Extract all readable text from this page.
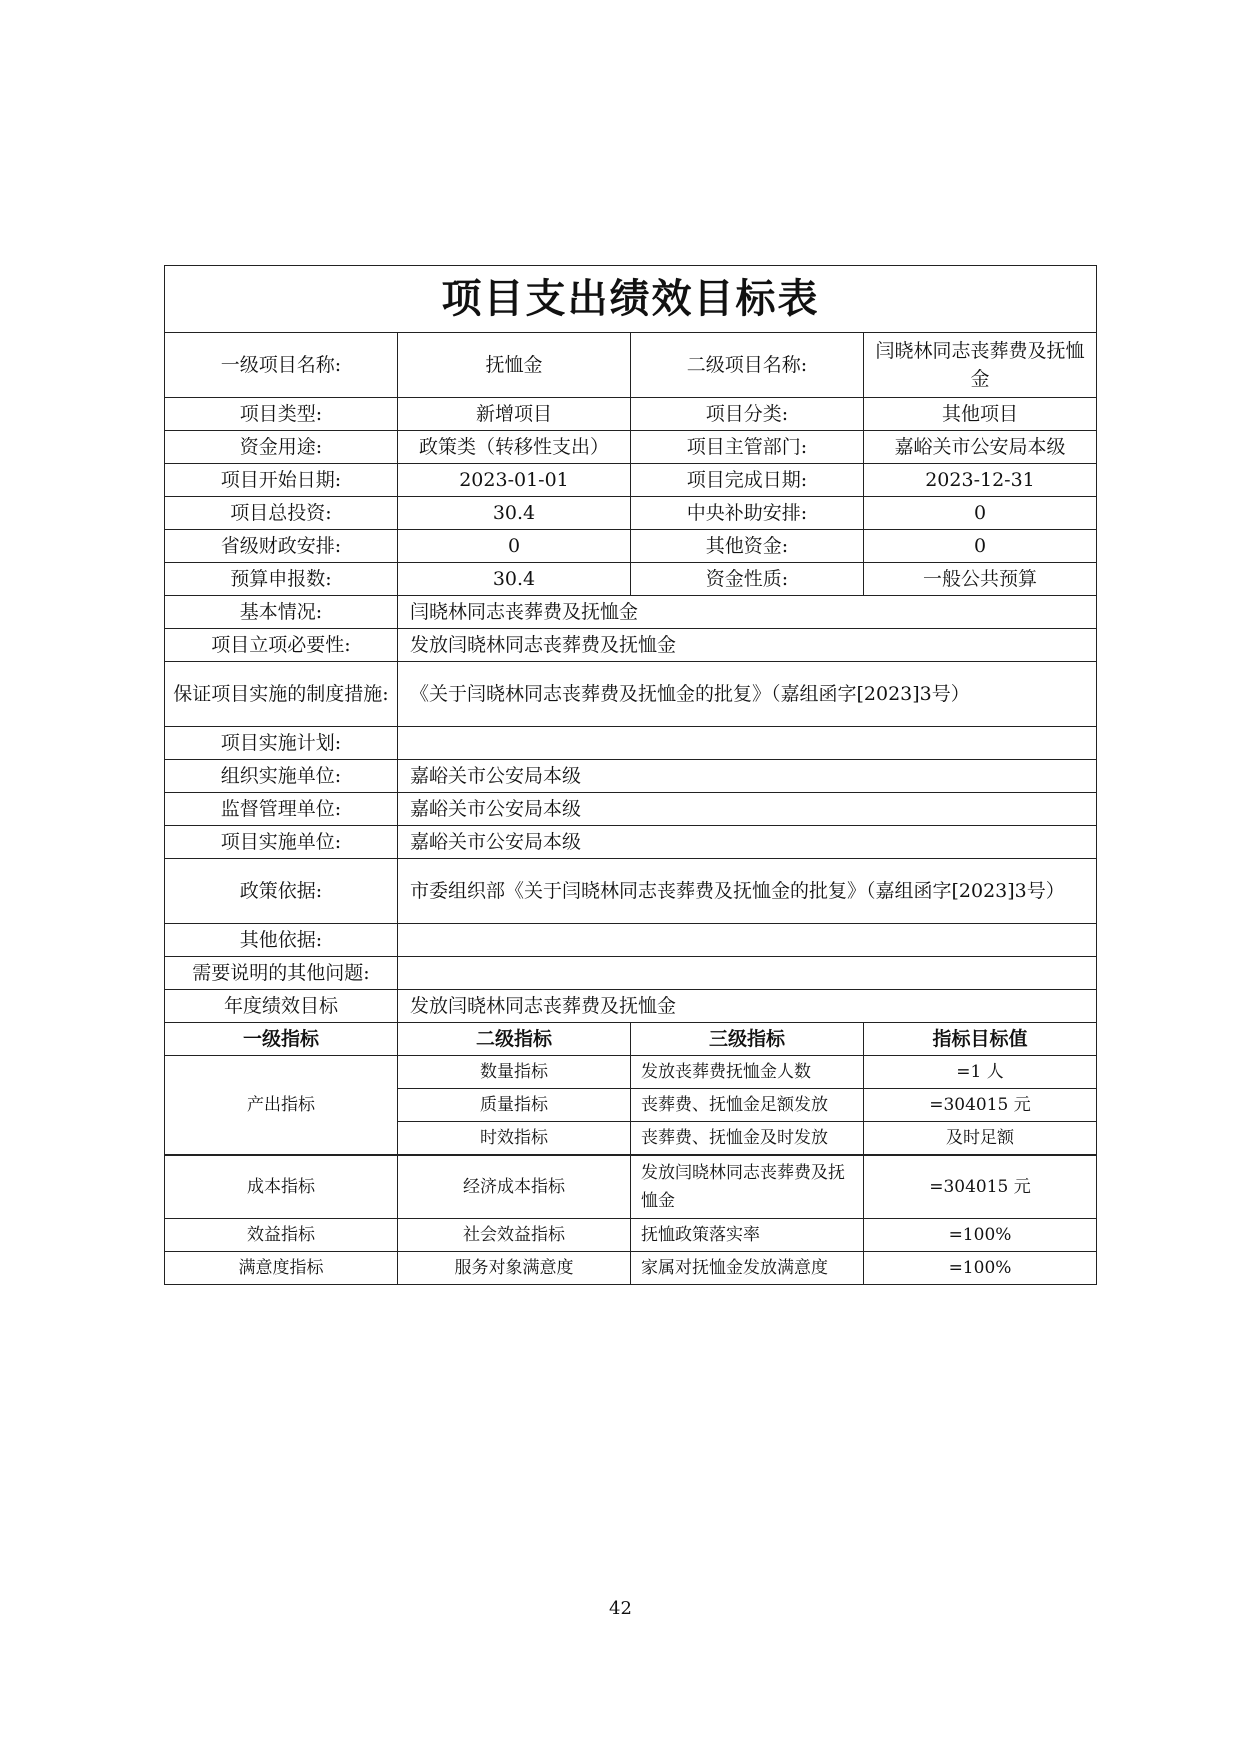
项目支出绩效目标表			
一级项目名称:	抚恤金	二级项目名称:	闫晓林同志丧葬费及抚恤金
项目类型:	新增项目	项目分类:	其他项目
资金用途:	政策类（转移性支出）	项目主管部门:	嘉峪关市公安局本级
项目开始日期:	2023-01-01	项目完成日期:	2023-12-31
项目总投资:	30.4	中央补助安排:	0
省级财政安排:	0	其他资金:	0
预算申报数:	30.4	资金性质:	一般公共预算
基本情况:	闫晓林同志丧葬费及抚恤金		
项目立项必要性:	发放闫晓林同志丧葬费及抚恤金		
保证项目实施的制度措施:	《关于闫晓林同志丧葬费及抚恤金的批复》（嘉组函字[2023]3号）		
项目实施计划:			
组织实施单位:	嘉峪关市公安局本级		
监督管理单位:	嘉峪关市公安局本级		
项目实施单位:	嘉峪关市公安局本级		
政策依据:	市委组织部《关于闫晓林同志丧葬费及抚恤金的批复》（嘉组函字[2023]3号）		
其他依据:			
需要说明的其他问题:			
年度绩效目标	发放闫晓林同志丧葬费及抚恤金		
一级指标	二级指标	三级指标	指标目标值
产出指标	数量指标	发放丧葬费抚恤金人数	=1 人
	质量指标	丧葬费、抚恤金足额发放	=304015 元
	时效指标	丧葬费、抚恤金及时发放	及时足额
成本指标	经济成本指标	发放闫晓林同志丧葬费及抚恤金	=304015 元
效益指标	社会效益指标	抚恤政策落实率	=100%
满意度指标	服务对象满意度	家属对抚恤金发放满意度	=100%
42
